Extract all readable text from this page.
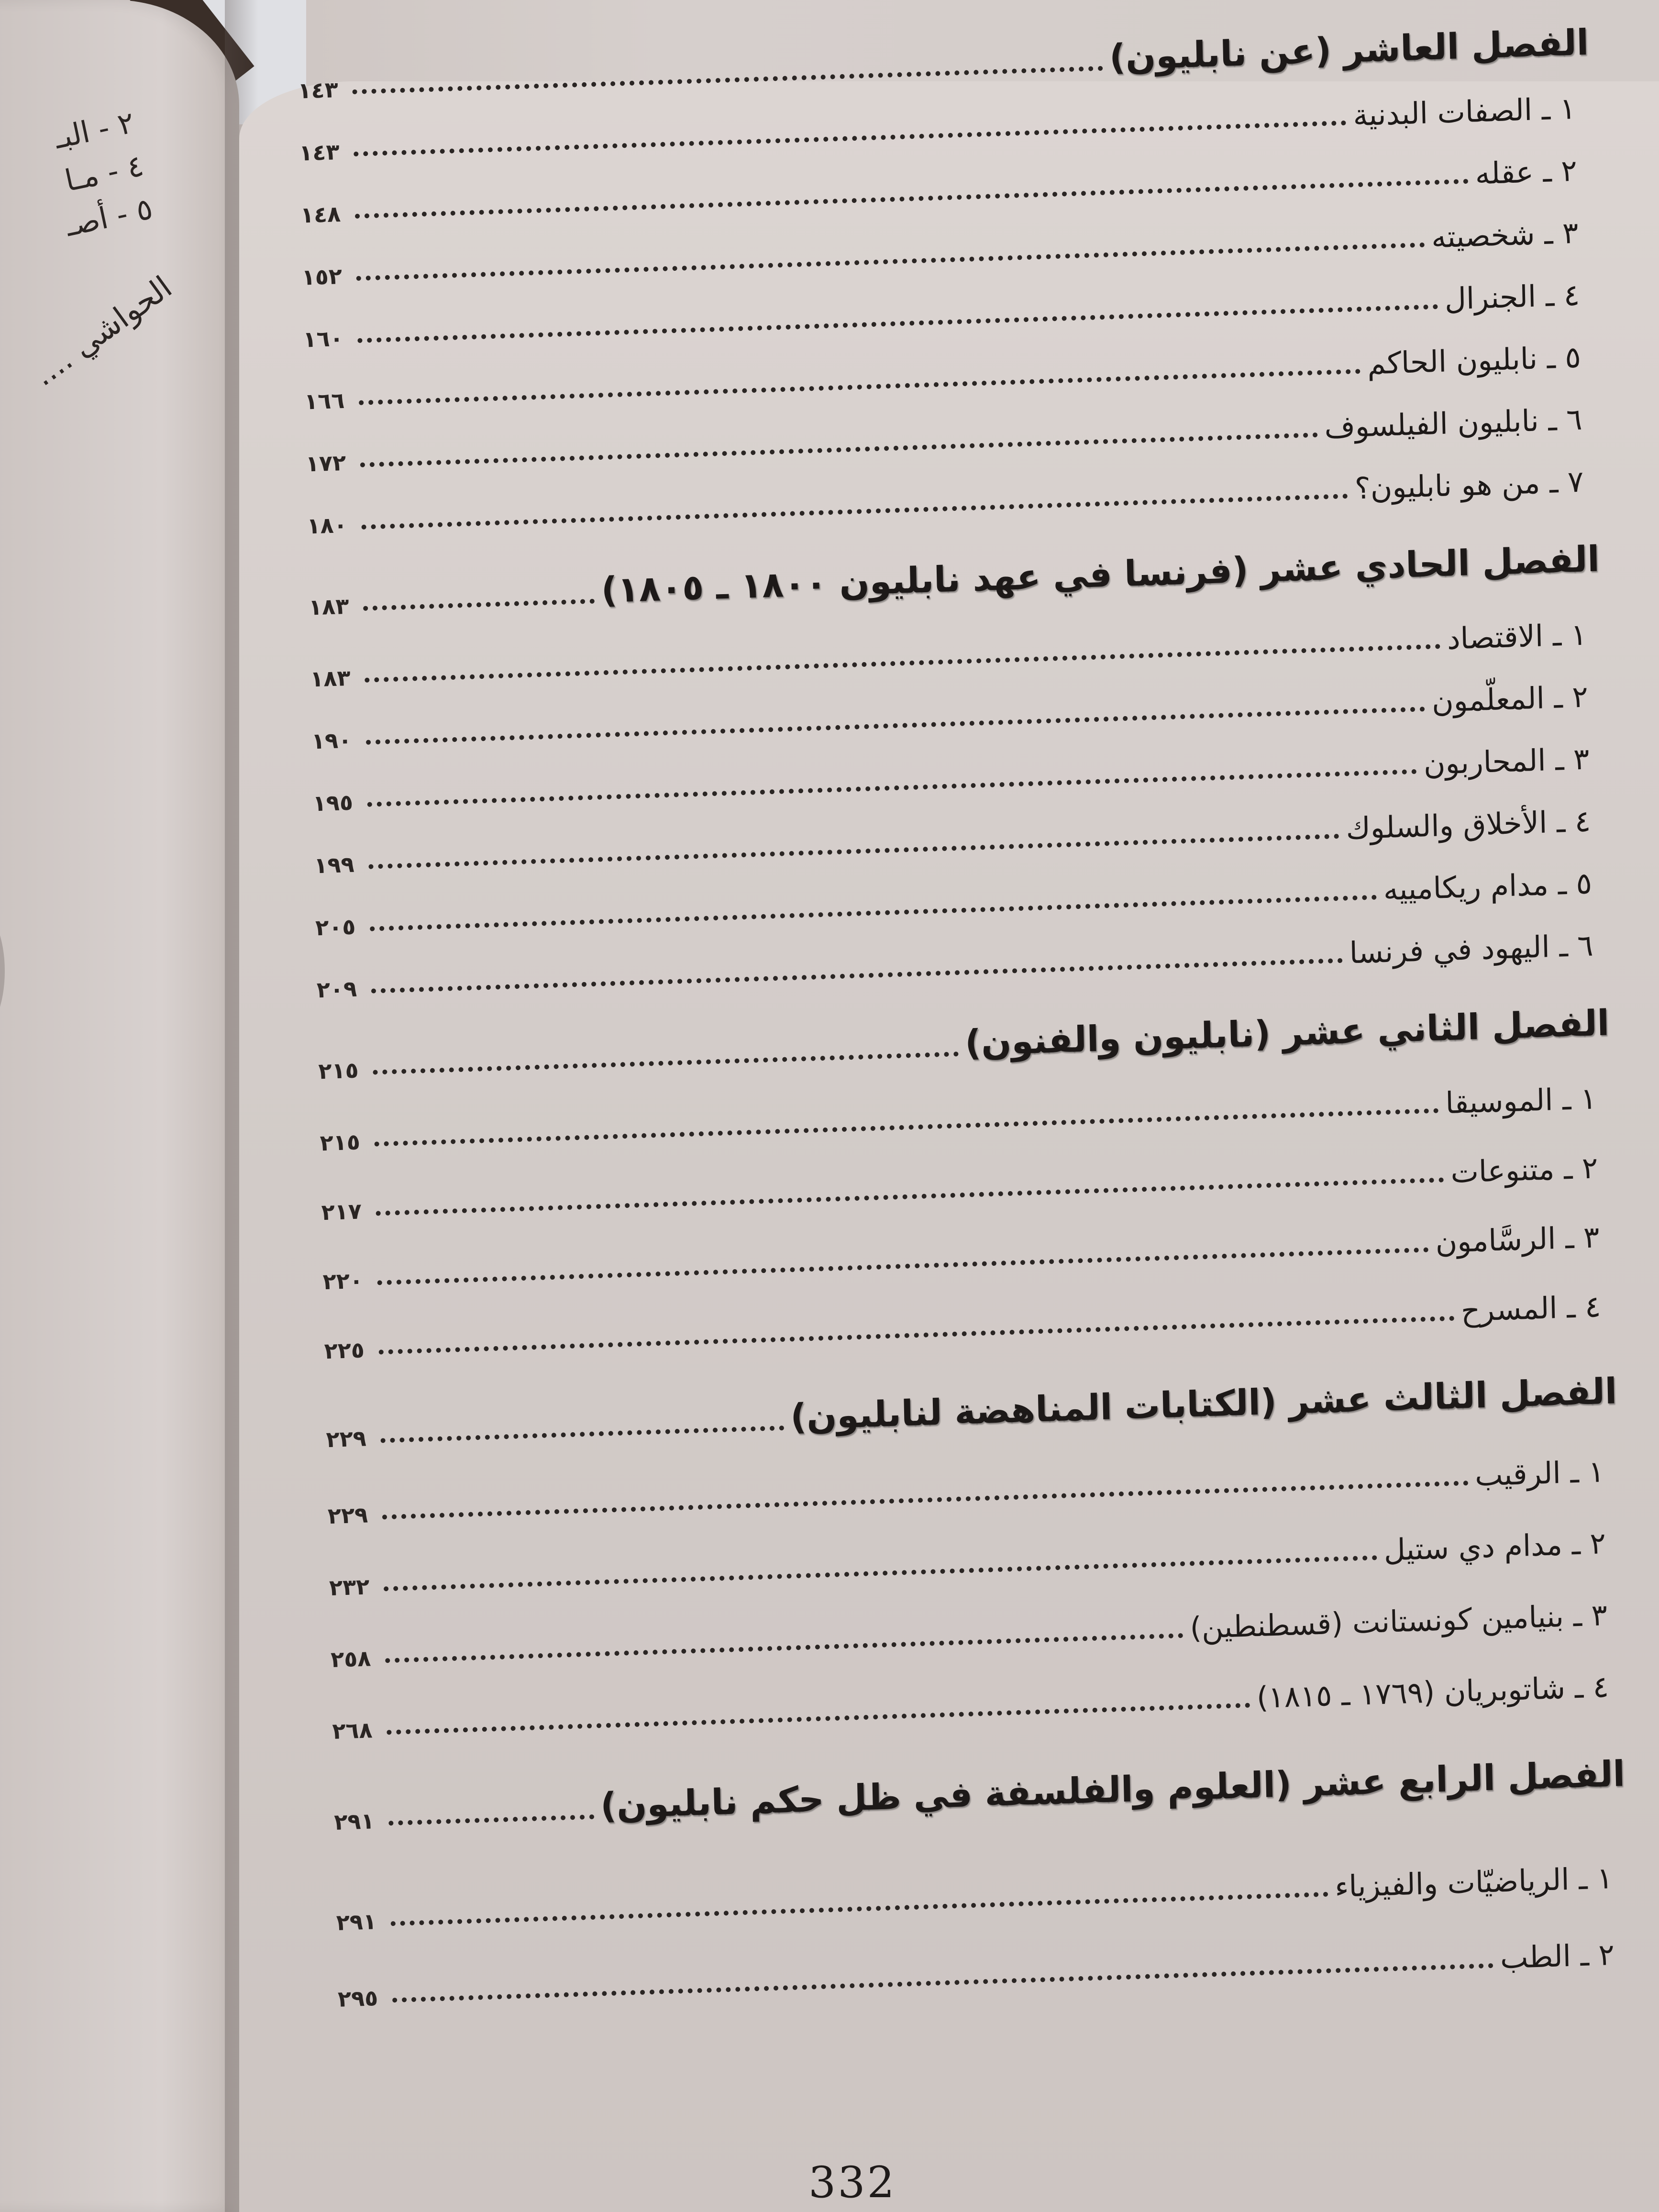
٢ - البـ
٤ - مـا
٥ - أصـ
الحواشي ....
الفصل العاشر (عن نابليون)
١٤٣
١ ـ الصفات البدنية
١٤٣
٢ ـ عقله
١٤٨
٣ ـ شخصيته
١٥٢
٤ ـ الجنرال
١٦٠
٥ ـ نابليون الحاكم
١٦٦
٦ ـ نابليون الفيلسوف
١٧٢
٧ ـ من هو نابليون؟
١٨٠
الفصل الحادي عشر (فرنسا في عهد نابليون ١٨٠٠ ـ ١٨٠٥)
١٨٣
١ ـ الاقتصاد
١٨٣
٢ ـ المعلّمون
١٩٠
٣ ـ المحاربون
١٩٥
٤ ـ الأخلاق والسلوك
١٩٩
٥ ـ مدام ريكامييه
٢٠٥
٦ ـ اليهود في فرنسا
٢٠٩
الفصل الثاني عشر (نابليون والفنون)
٢١٥
١ ـ الموسيقا
٢١٥
٢ ـ متنوعات
٢١٧
٣ ـ الرسَّامون
٢٢٠
٤ ـ المسرح
٢٢٥
الفصل الثالث عشر (الكتابات المناهضة لنابليون)
٢٢٩
١ ـ الرقيب
٢٢٩
٢ ـ مدام دي ستيل
٢٣٢
٣ ـ بنيامين كونستانت (قسطنطين)
٢٥٨
٤ ـ شاتوبريان (١٧٦٩ ـ ١٨١٥)
٢٦٨
الفصل الرابع عشر (العلوم والفلسفة في ظل حكم نابليون)
٢٩١
١ ـ الرياضيّات والفيزياء
٢٩١
٢ ـ الطب
٢٩٥
332
